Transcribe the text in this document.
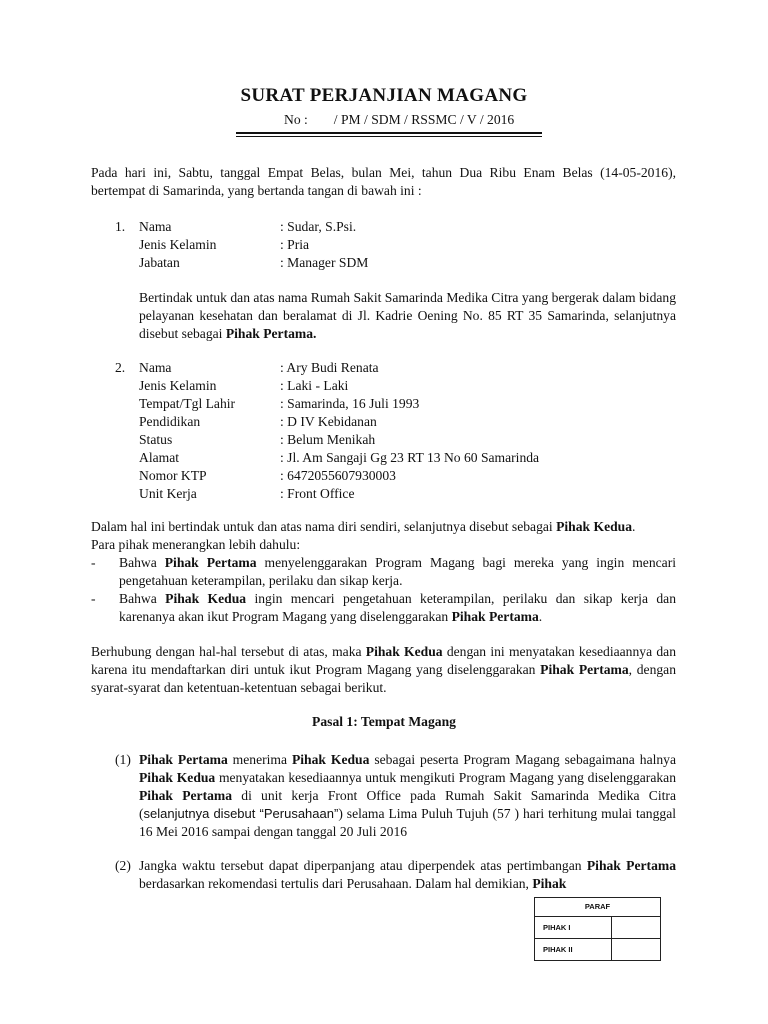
SURAT PERJANJIAN MAGANG
No : / PM / SDM / RSSMC / V / 2016
Pada hari ini, Sabtu, tanggal Empat Belas, bulan Mei, tahun Dua Ribu Enam Belas (14-05-2016), bertempat di Samarinda, yang bertanda tangan di bawah ini :
1. Nama	: Sudar, S.Psi.
Jenis Kelamin	: Pria
Jabatan	: Manager SDM
Bertindak untuk dan atas nama Rumah Sakit Samarinda Medika Citra yang bergerak dalam bidang pelayanan kesehatan dan beralamat di Jl. Kadrie Oening No. 85 RT 35 Samarinda, selanjutnya disebut sebagai Pihak Pertama.
2. Nama	: Ary Budi Renata
Jenis Kelamin	: Laki - Laki
Tempat/Tgl Lahir	: Samarinda, 16 Juli 1993
Pendidikan	: D IV Kebidanan
Status	: Belum Menikah
Alamat	: Jl. Am Sangaji Gg 23 RT 13 No 60 Samarinda
Nomor KTP	: 6472055607930003
Unit Kerja	: Front Office
Dalam hal ini bertindak untuk dan atas nama diri sendiri, selanjutnya disebut sebagai Pihak Kedua.
Para pihak menerangkan lebih dahulu:
- Bahwa Pihak Pertama menyelenggarakan Program Magang bagi mereka yang ingin mencari pengetahuan keterampilan, perilaku dan sikap kerja.
- Bahwa Pihak Kedua ingin mencari pengetahuan keterampilan, perilaku dan sikap kerja dan karenanya akan ikut Program Magang yang diselenggarakan Pihak Pertama.
Berhubung dengan hal-hal tersebut di atas, maka Pihak Kedua dengan ini menyatakan kesediaannya dan karena itu mendaftarkan diri untuk ikut Program Magang yang diselenggarakan Pihak Pertama, dengan syarat-syarat dan ketentuan-ketentuan sebagai berikut.
Pasal 1: Tempat Magang
(1) Pihak Pertama menerima Pihak Kedua sebagai peserta Program Magang sebagaimana halnya Pihak Kedua menyatakan kesediaannya untuk mengikuti Program Magang yang diselenggarakan Pihak Pertama di unit kerja Front Office pada Rumah Sakit Samarinda Medika Citra (selanjutnya disebut “Perusahaan”) selama Lima Puluh Tujuh (57 ) hari terhitung mulai tanggal 16 Mei 2016 sampai dengan tanggal 20 Juli 2016
(2) Jangka waktu tersebut dapat diperpanjang atau diperpendek atas pertimbangan Pihak Pertama berdasarkan rekomendasi tertulis dari Perusahaan. Dalam hal demikian, Pihak
PARAF	
PIHAK I	
PIHAK II	
